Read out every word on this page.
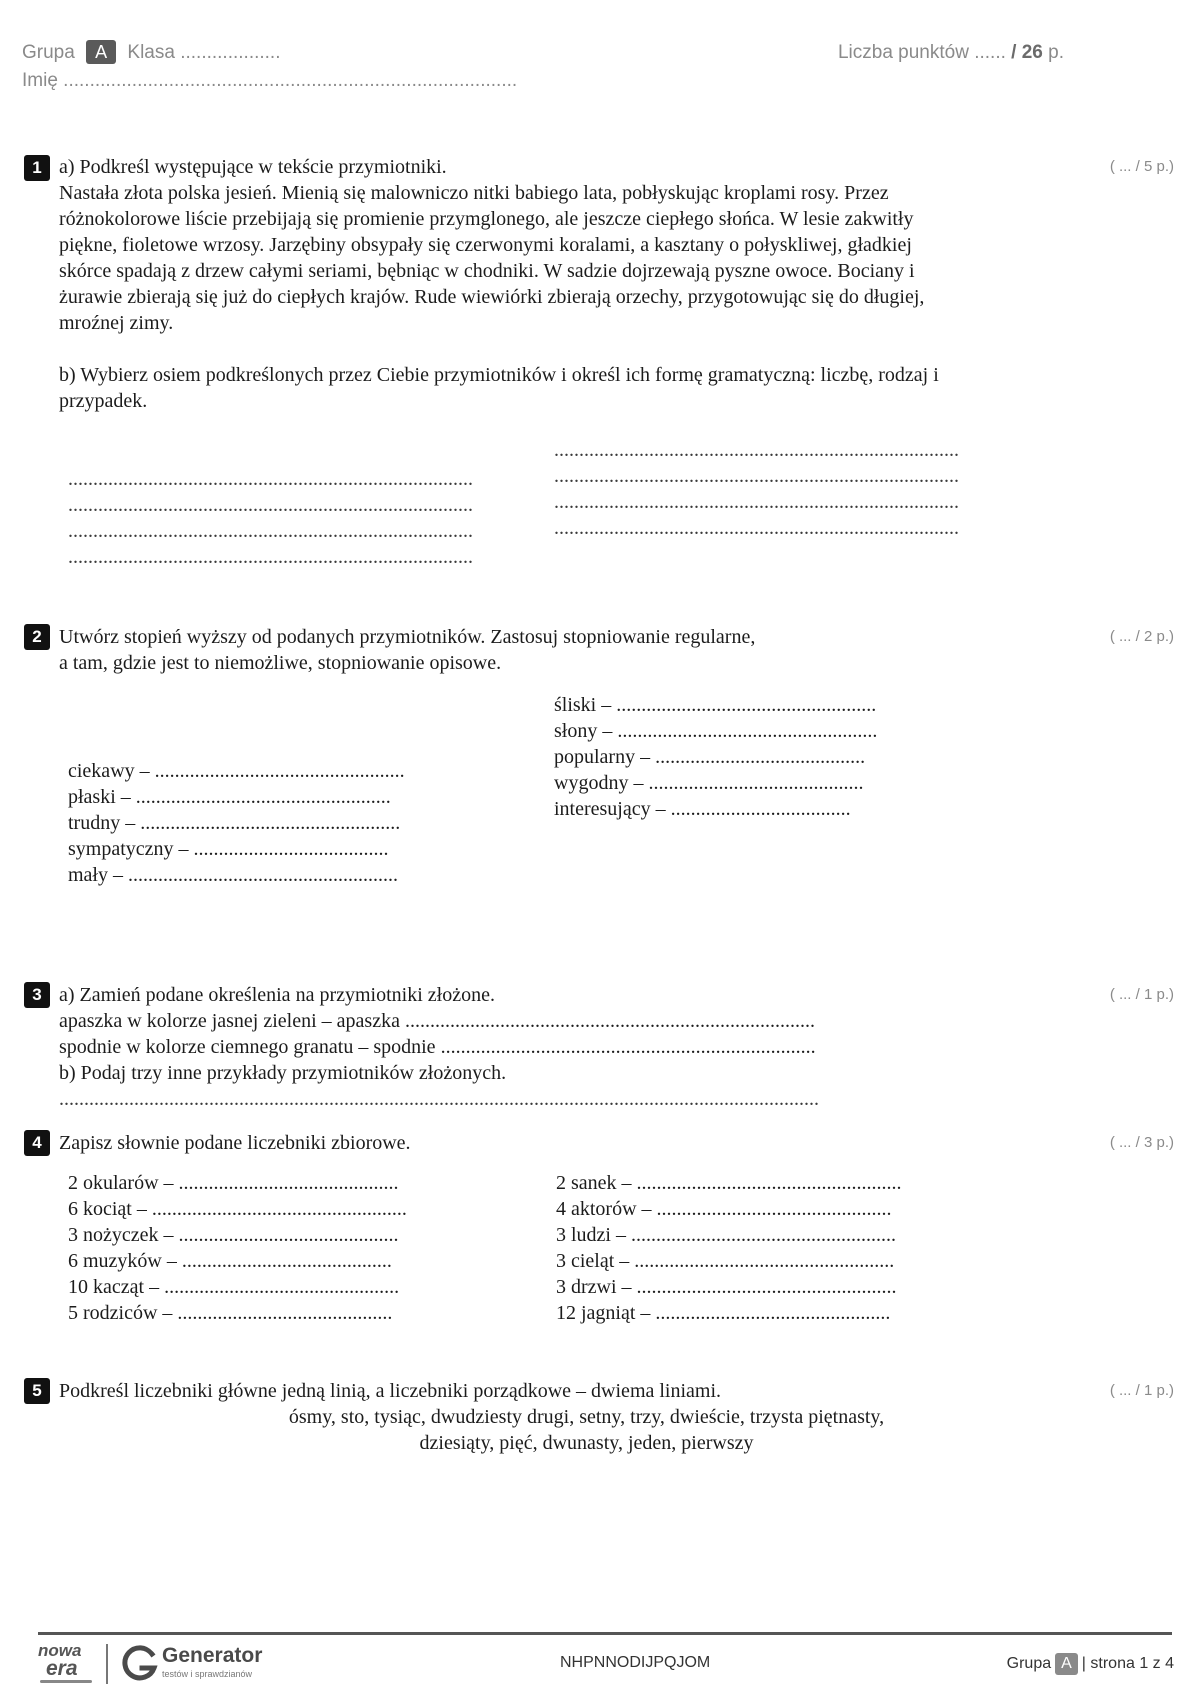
Grupa A Klasa ...................
Imię ......................................................................................
Liczba punktów ...... / 26 p.
1	( ... / 5 p.)
a) Podkreśl występujące w tekście przymiotniki.
Nastała złota polska jesień. Mienią się malowniczo nitki babiego lata, pobłyskując kroplami rosy. Przez
różnokolorowe liście przebijają się promienie przymglonego, ale jeszcze ciepłego słońca. W lesie zakwitły
piękne, fioletowe wrzosy. Jarzębiny obsypały się czerwonymi koralami, a kasztany o połyskliwej, gładkiej
skórce spadają z drzew całymi seriami, bębniąc w chodniki. W sadzie dojrzewają pyszne owoce. Bociany i
żurawie zbierają się już do ciepłych krajów. Rude wiewiórki zbierają orzechy, przygotowując się do długiej,
mroźnej zimy.
b) Wybierz osiem podkreślonych przez Ciebie przymiotników i określ ich formę gramatyczną: liczbę, rodzaj i
przypadek.
.................................................................................
.................................................................................
.................................................................................
.................................................................................
.................................................................................
.................................................................................
.................................................................................
.................................................................................
2	( ... / 2 p.)
Utwórz stopień wyższy od podanych przymiotników. Zastosuj stopniowanie regularne,
a tam, gdzie jest to niemożliwe, stopniowanie opisowe.
śliski – ....................................................
słony – ....................................................
popularny – ..........................................
wygodny – ...........................................
interesujący – ....................................
ciekawy – ..................................................
płaski – ...................................................
trudny – ....................................................
sympatyczny – .......................................
mały – ......................................................
3	( ... / 1 p.)
a) Zamień podane określenia na przymiotniki złożone.
apaszka w kolorze jasnej zieleni – apaszka ..................................................................................
spodnie w kolorze ciemnego granatu – spodnie ...........................................................................
b) Podaj trzy inne przykłady przymiotników złożonych.
........................................................................................................................................................
4	( ... / 3 p.)
Zapisz słownie podane liczebniki zbiorowe.
2 okularów – ............................................
6 kociąt – ...................................................
3 nożyczek – ............................................
6 muzyków – ..........................................
10 kacząt – ...............................................
5 rodziców – ...........................................
2 sanek – .....................................................
4 aktorów – ...............................................
3 ludzi – .....................................................
3 cieląt – ....................................................
3 drzwi – ....................................................
12 jagniąt – ...............................................
5	( ... / 1 p.)
Podkreśl liczebniki główne jedną linią, a liczebniki porządkowe – dwiema liniami.
ósmy, sto, tysiąc, dwudziesty drugi, setny, trzy, dwieście, trzysta piętnasty,
dziesiąty, pięć, dwunasty, jeden, pierwszy
nowa
era
Generator
testów i sprawdzianów
NHPNNODIJPQJOM	Grupa A | strona 1 z 4
